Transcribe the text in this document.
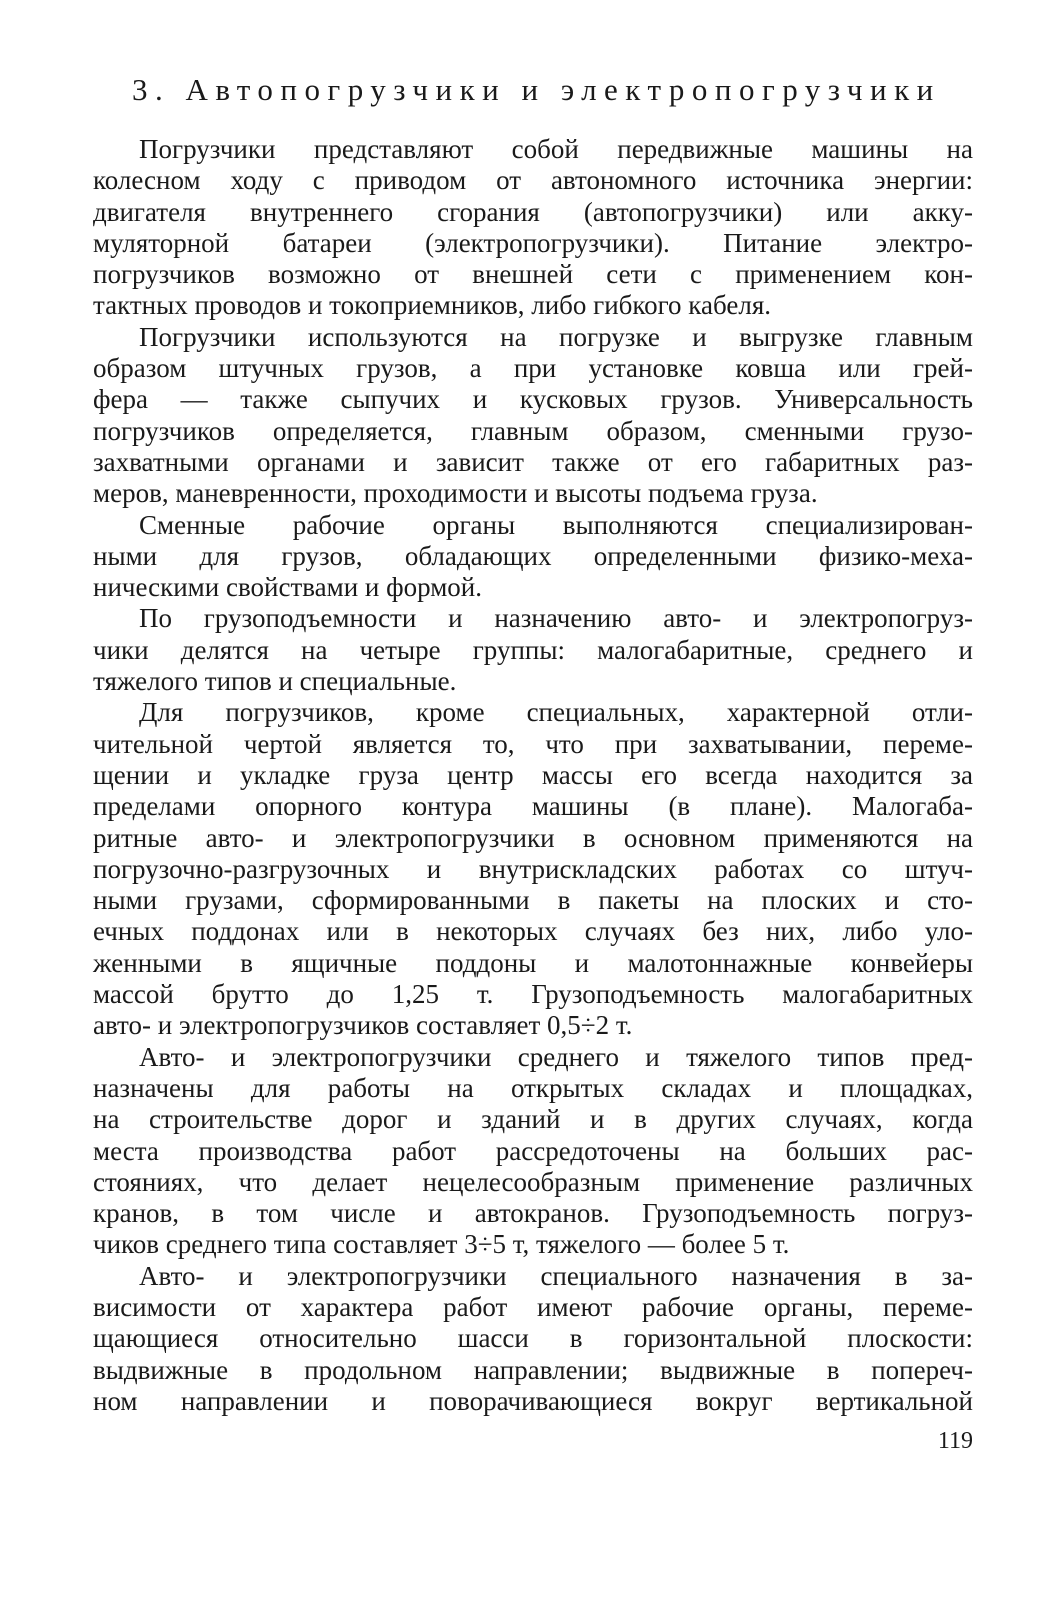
3. Автопогрузчики и электропогрузчики
Погрузчики представляют собой передвижные машины на
колесном ходу с приводом от автономного источника энергии:
двигателя внутреннего сгорания (автопогрузчики) или акку-
муляторной батареи (электропогрузчики). Питание электро-
погрузчиков возможно от внешней сети с применением кон-
тактных проводов и токоприемников, либо гибкого кабеля.
Погрузчики используются на погрузке и выгрузке главным
образом штучных грузов, а при установке ковша или грей-
фера — также сыпучих и кусковых грузов. Универсальность
погрузчиков определяется, главным образом, сменными грузо-
захватными органами и зависит также от его габаритных раз-
меров, маневренности, проходимости и высоты подъема груза.
Сменные рабочие органы выполняются специализирован-
ными для грузов, обладающих определенными физико-меха-
ническими свойствами и формой.
По грузоподъемности и назначению авто- и электропогруз-
чики делятся на четыре группы: малогабаритные, среднего и
тяжелого типов и специальные.
Для погрузчиков, кроме специальных, характерной отли-
чительной чертой является то, что при захватывании, переме-
щении и укладке груза центр массы его всегда находится за
пределами опорного контура машины (в плане). Малогаба-
ритные авто- и электропогрузчики в основном применяются на
погрузочно-разгрузочных и внутрискладских работах со штуч-
ными грузами, сформированными в пакеты на плоских и сто-
ечных поддонах или в некоторых случаях без них, либо уло-
женными в ящичные поддоны и малотоннажные конвейеры
массой брутто до 1,25 т. Грузоподъемность малогабаритных
авто- и электропогрузчиков составляет 0,5÷2 т.
Авто- и электропогрузчики среднего и тяжелого типов пред-
назначены для работы на открытых складах и площадках,
на строительстве дорог и зданий и в других случаях, когда
места производства работ рассредоточены на больших рас-
стояниях, что делает нецелесообразным применение различных
кранов, в том числе и автокранов. Грузоподъемность погруз-
чиков среднего типа составляет 3÷5 т, тяжелого — более 5 т.
Авто- и электропогрузчики специального назначения в за-
висимости от характера работ имеют рабочие органы, переме-
щающиеся относительно шасси в горизонтальной плоскости:
выдвижные в продольном направлении; выдвижные в попереч-
ном направлении и поворачивающиеся вокруг вертикальной
119
